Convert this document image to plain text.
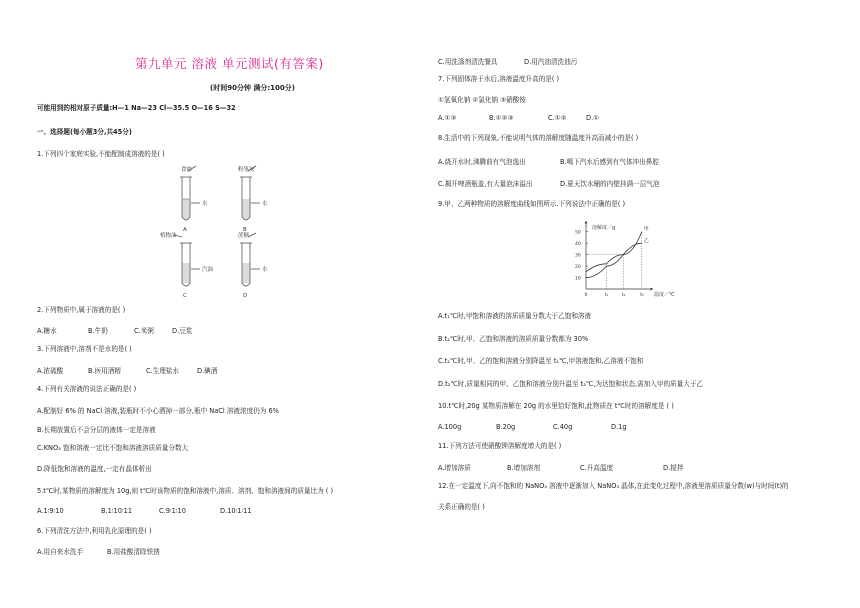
第九单元 溶液 单元测试(有答案)
(时间90分钟 满分:100分)
可能用到的相对原子质量:H—1 Na—23 Cl—35.5 O—16 S—32
一、选择题(每小题3分,共45分)
1.下列四个家庭实验,不能配制成溶液的是( )
食盐	粉笔灰
水	水
A	B
植物油	蔗糖
汽油	水
C	D
2.下列物质中,属于溶液的是( )
A.糖水	B.牛奶	C.米粥	D.豆浆
3.下列溶液中,溶剂不是水的是( )
A.浓硫酸	B.医用酒精	C.生理盐水	D.碘酒
4.下列有关溶液的说法正确的是( )
A.配制好 6% 的 NaCl 溶液,装瓶时不小心洒掉一部分,瓶中 NaCl 溶液浓度仍为 6%
B.长期放置后不会分层的液体一定是溶液
C.KNO₃ 饱和溶液一定比不饱和溶液溶质质量分数大
D.降低饱和溶液的温度,一定有晶体析出
5.t℃时,某物质的溶解度为 10g,则 t℃时该物质的饱和溶液中,溶质、溶剂、饱和溶液间的质量比为 ( )
A.1∶9∶10	B.1∶10∶11	C.9∶1∶10	D.10∶1∶11
6.下列清洗方法中,利用乳化原理的是( )
A.用自来水洗手	B.用盐酸清除铁锈
C.用洗涤剂清洗餐具	D.用汽油清洗油污
7.下列固体溶于水后,溶液温度升高的是( )
①氢氧化钠 ②氯化钠 ③硝酸铵
A.①③	B.①②③	C.①②	D.①
8.生活中的下列现象,不能说明气体的溶解度随温度升高而减小的是( )
A.烧开水时,沸腾前有气泡逸出	B.喝下汽水后感到有气体冲出鼻腔
C.揭开啤酒瓶盖,有大量泡沫溢出	D.夏天饮水桶的内壁挂满一层气泡
9.甲、乙两种物质的溶解度曲线如图所示.下列说法中正确的是( )
溶解度／g
温度／℃
50
40
30
20
10
0	t₁	t₂	t₃
甲
乙
A.t₁℃时,甲饱和溶液的溶质质量分数大于乙饱和溶液
B.t₂℃时,甲、乙饱和溶液的溶质质量分数都为 30%
C.t₂℃时,甲、乙的饱和溶液分别降温至 t₁℃,甲溶液饱和,乙溶液不饱和
D.t₂℃时,质量相同的甲、乙饱和溶液分别升温至 t₃℃,为达饱和状态,需加入甲的质量大于乙
10.t℃时,20g 某物质溶解在 20g 的水里恰好饱和,此物质在 t℃时的溶解度是 ( )
A.100g	B.20g	C.40g	D.1g
11.下列方法可使硝酸钾溶解度增大的是( )
A.增加溶质	B.增加溶剂	C.升高温度	D.搅拌
12.在一定温度下,向不饱和的 NaNO₃ 溶液中逐渐加入 NaNO₃ 晶体,在此变化过程中,溶液里溶质质量分数(w)与时间(t)的
关系正确的是( )
